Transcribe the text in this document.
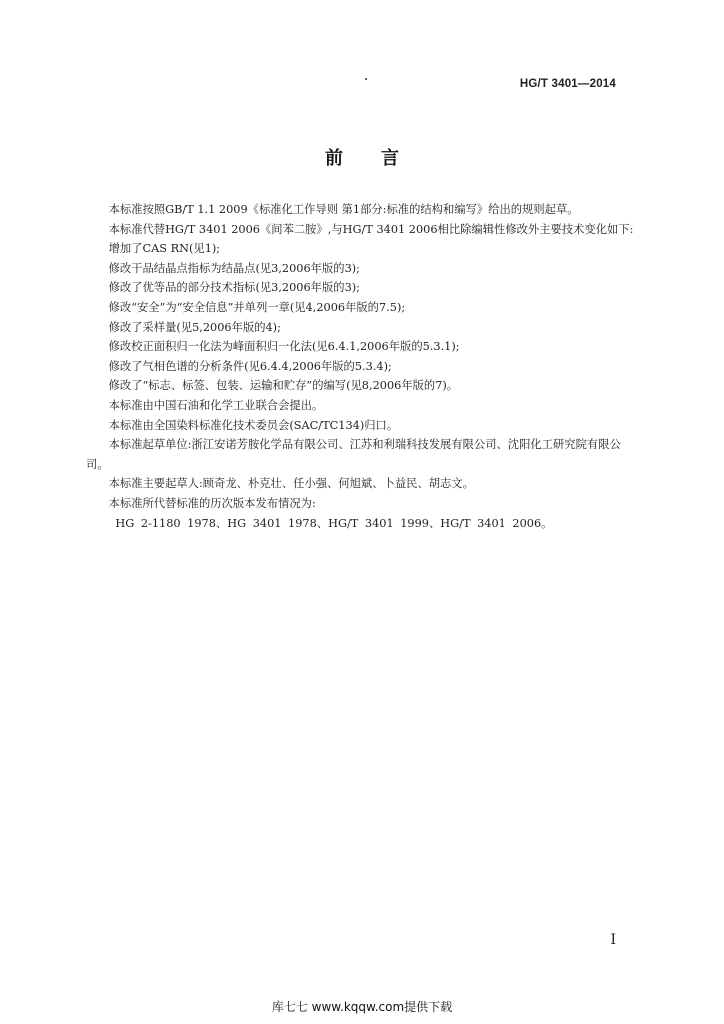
HG/T 3401—2014
前言

本标准按照GB/T 1.1 2009《标准化工作导则 第1部分:标准的结构和编写》给出的规则起草。

本标准代替HG/T 3401 2006《间苯二胺》,与HG/T 3401 2006相比除编辑性修改外主要技术变化如下:

增加了CAS RN(见1);

修改干品结晶点指标为结晶点(见3,2006年版的3);

修改了优等品的部分技术指标(见3,2006年版的3);

修改“安全”为“安全信息”并单列一章(见4,2006年版的7.5);

修改了采样量(见5,2006年版的4);

修改校正面积归一化法为峰面积归一化法(见6.4.1,2006年版的5.3.1);

修改了气相色谱的分析条件(见6.4.4,2006年版的5.3.4);

修改了“标志、标签、包装、运输和贮存”的编写(见8,2006年版的7)。

本标准由中国石油和化学工业联合会提出。

本标准由全国染料标准化技术委员会(SAC/TC134)归口。

本标准起草单位:浙江安诺芳胺化学品有限公司、江苏和利瑞科技发展有限公司、沈阳化工研究院有限公司。

本标准主要起草人:顾奇龙、朴克壮、任小强、何旭斌、卜益民、胡志文。

本标准所代替标准的历次版本发布情况为:

HG 2-1180 1978、HG 3401 1978、HG/T 3401 1999、HG/T 3401 2006。

I
库七七 www.kqqw.com提供下载
